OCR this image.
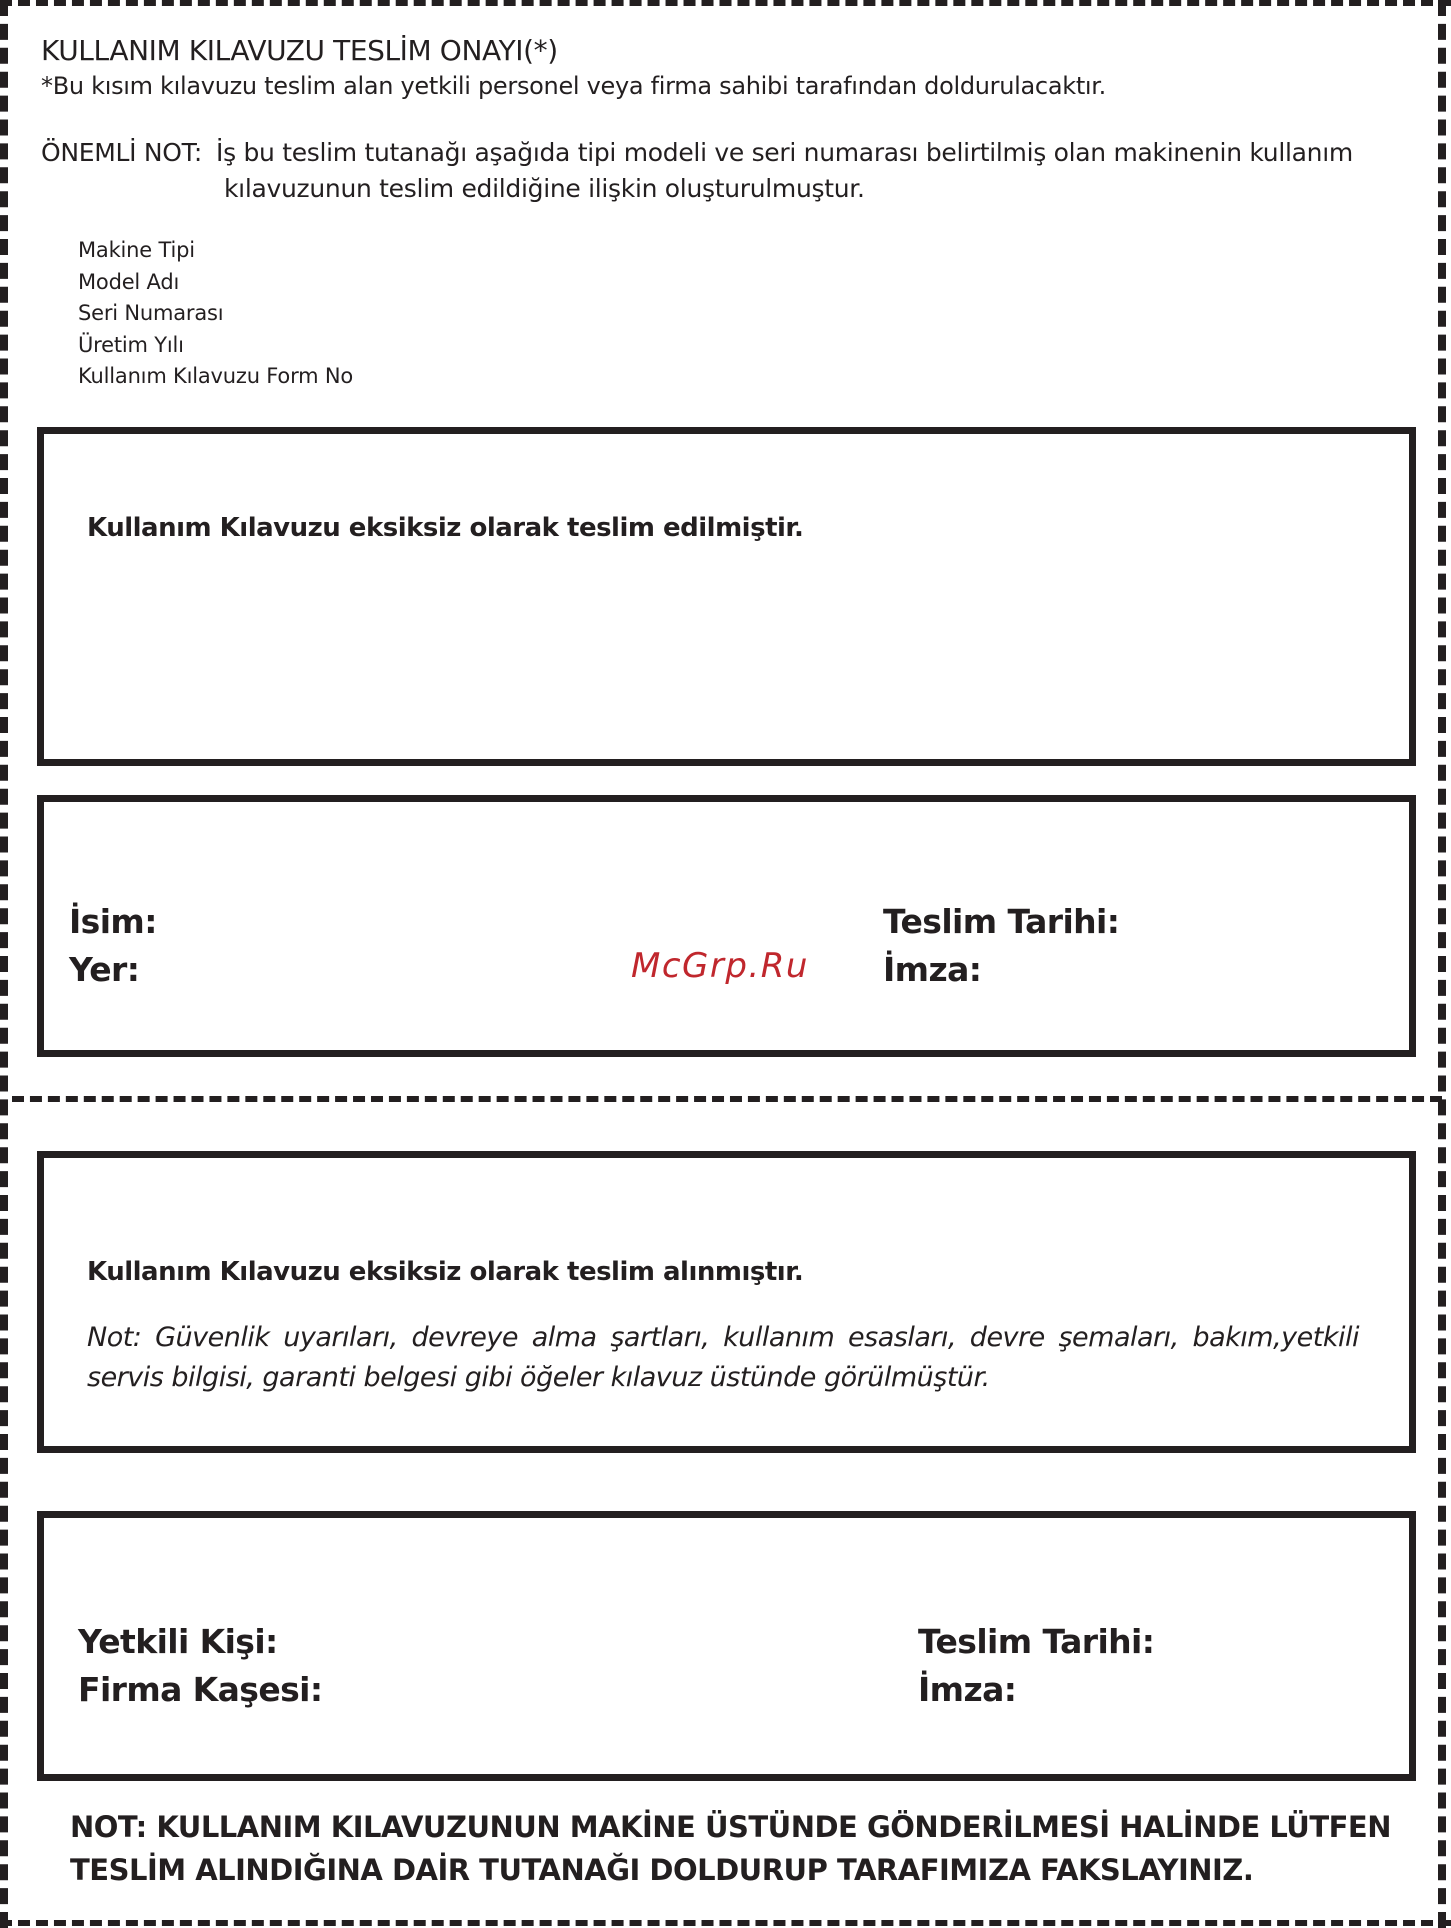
KULLANIM KILAVUZU TESLİM ONAYI(*)
*Bu kısım kılavuzu teslim alan yetkili personel veya firma sahibi tarafından doldurulacaktır.
ÖNEMLİ NOT: İş bu teslim tutanağı aşağıda tipi modeli ve seri numarası belirtilmiş olan makinenin kullanım
kılavuzunun teslim edildiğine ilişkin oluşturulmuştur.
Makine Tipi
Model Adı
Seri Numarası
Üretim Yılı
Kullanım Kılavuzu Form No
Kullanım Kılavuzu eksiksiz olarak teslim edilmiştir.
İsim:
Yer:
Teslim Tarihi:
İmza:
McGrp.Ru
Kullanım Kılavuzu eksiksiz olarak teslim alınmıştır.
Not: Güvenlik uyarıları, devreye alma şartları, kullanım esasları, devre şemaları, bakım,yetkili servis bilgisi, garanti belgesi gibi öğeler kılavuz üstünde görülmüştür.
Yetkili Kişi:
Firma Kaşesi:
Teslim Tarihi:
İmza:
NOT: KULLANIM KILAVUZUNUN MAKİNE ÜSTÜNDE GÖNDERİLMESİ HALİNDE LÜTFEN
TESLİM ALINDIĞINA DAİR TUTANAĞI DOLDURUP TARAFIMIZA FAKSLAYINIZ.
